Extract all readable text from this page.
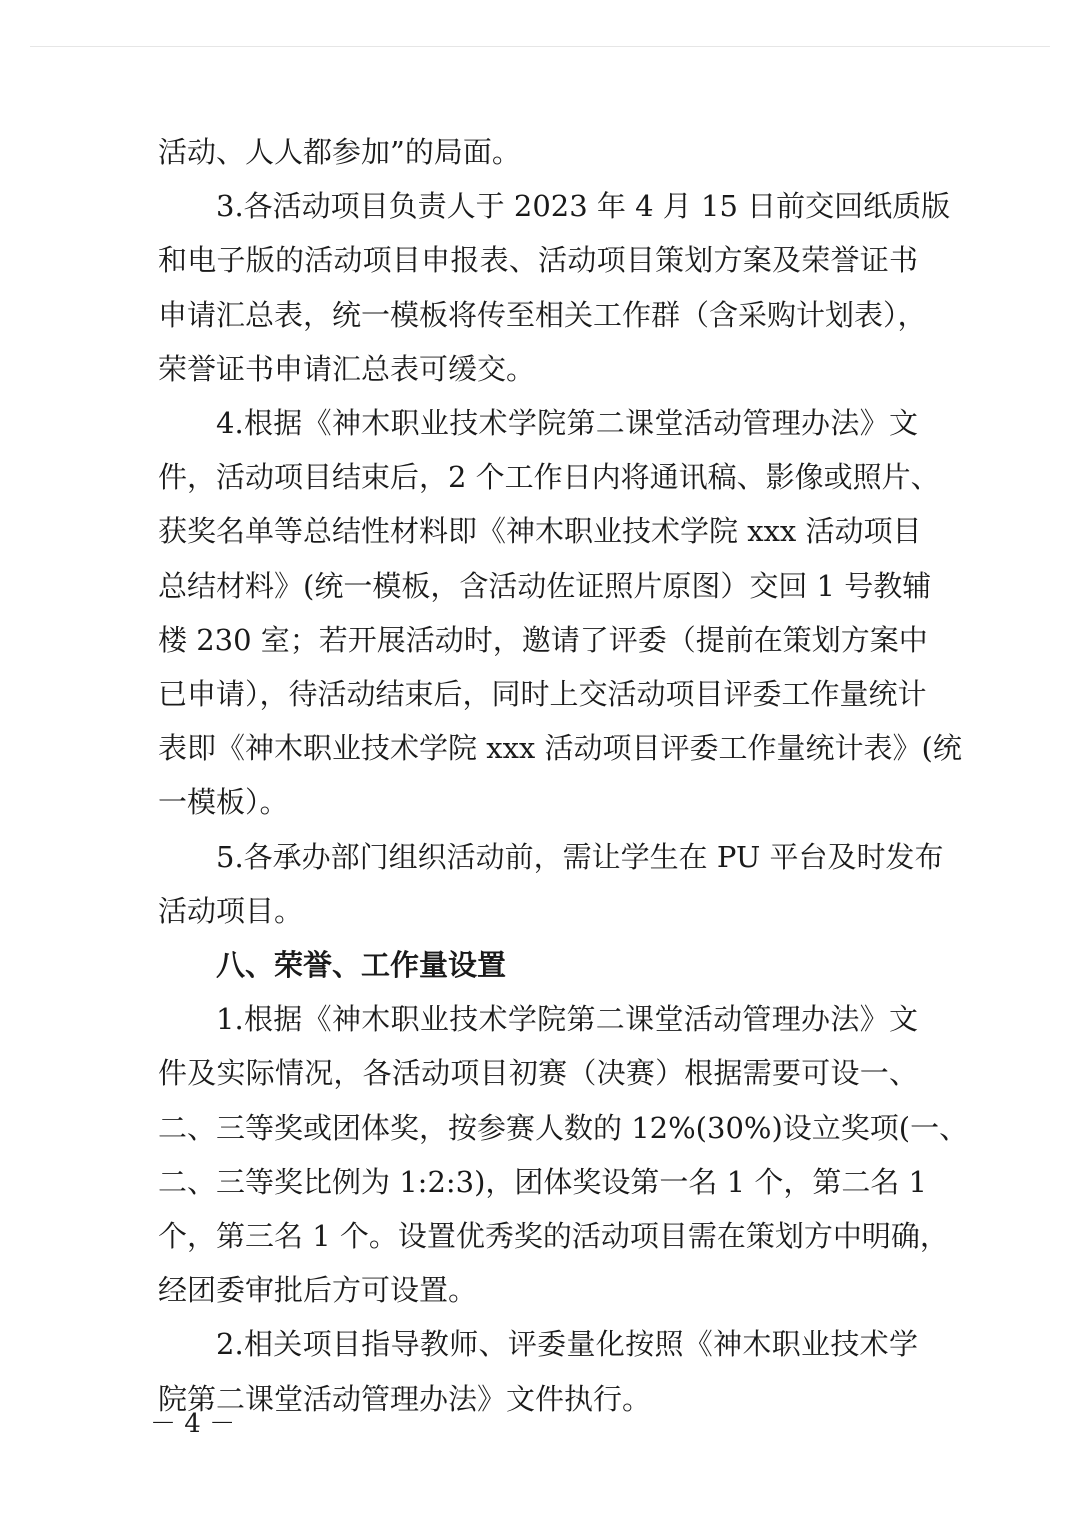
活动、人人都参加”的局面。
3.各活动项目负责人于 2023 年 4 月 15 日前交回纸质版
和电子版的活动项目申报表、活动项目策划方案及荣誉证书
申请汇总表，统一模板将传至相关工作群（含采购计划表），
荣誉证书申请汇总表可缓交。
4.根据《神木职业技术学院第二课堂活动管理办法》文
件，活动项目结束后，2 个工作日内将通讯稿、影像或照片、
获奖名单等总结性材料即《神木职业技术学院 xxx 活动项目
总结材料》(统一模板，含活动佐证照片原图）交回 1 号教辅
楼 230 室；若开展活动时，邀请了评委（提前在策划方案中
已申请），待活动结束后，同时上交活动项目评委工作量统计
表即《神木职业技术学院 xxx 活动项目评委工作量统计表》(统
一模板）。
5.各承办部门组织活动前，需让学生在 PU 平台及时发布
活动项目。
八、荣誉、工作量设置
1.根据《神木职业技术学院第二课堂活动管理办法》文
件及实际情况，各活动项目初赛（决赛）根据需要可设一、
二、三等奖或团体奖，按参赛人数的 12%(30%)设立奖项(一、
二、三等奖比例为 1:2:3)，团体奖设第一名 1 个，第二名 1
个，第三名 1 个。设置优秀奖的活动项目需在策划方中明确，
经团委审批后方可设置。
2.相关项目指导教师、评委量化按照《神木职业技术学
院第二课堂活动管理办法》文件执行。
－ 4 －
